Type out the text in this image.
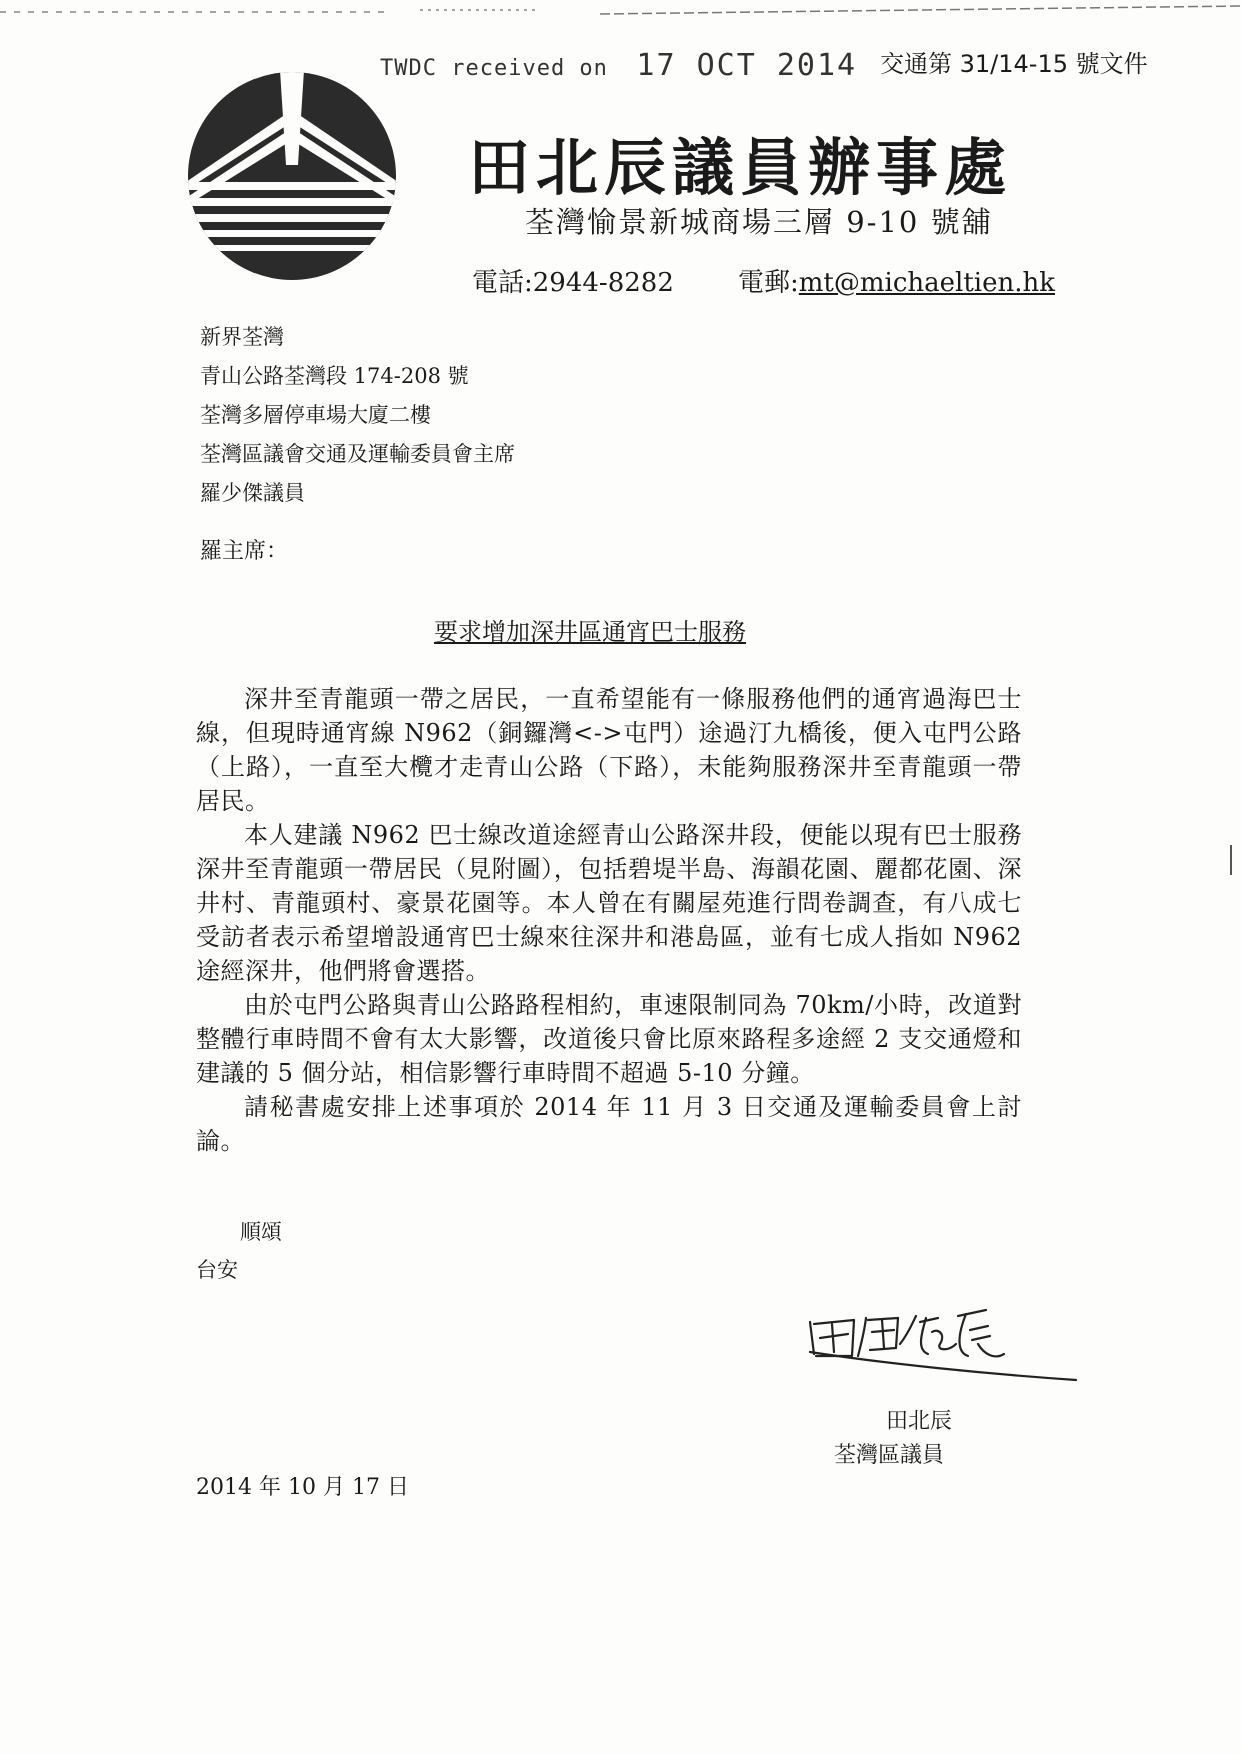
TWDC received on 17 OCT 2014 交通第 31/14-15 號文件
田北辰議員辦事處
荃灣愉景新城商場三層 9-10 號舖
電話:2944-8282 電郵:mt@michaeltien.hk
新界荃灣
青山公路荃灣段 174-208 號
荃灣多層停車場大廈二樓
荃灣區議會交通及運輸委員會主席
羅少傑議員
羅主席：
要求增加深井區通宵巴士服務

深井至青龍頭一帶之居民，一直希望能有一條服務他們的通宵過海巴士線，但現時通宵線 N962（銅鑼灣<->屯門）途過汀九橋後，便入屯門公路（上路），一直至大欖才走青山公路（下路），未能夠服務深井至青龍頭一帶居民。

本人建議 N962 巴士線改道途經青山公路深井段，便能以現有巴士服務深井至青龍頭一帶居民（見附圖），包括碧堤半島、海韻花園、麗都花園、深井村、青龍頭村、豪景花園等。本人曾在有關屋苑進行問卷調查，有八成七受訪者表示希望增設通宵巴士線來往深井和港島區，並有七成人指如 N962 途經深井，他們將會選搭。

由於屯門公路與青山公路路程相約，車速限制同為 70km/小時，改道對整體行車時間不會有太大影響，改道後只會比原來路程多途經 2 支交通燈和建議的 5 個分站，相信影響行車時間不超過 5-10 分鐘。

請秘書處安排上述事項於 2014 年 11 月 3 日交通及運輸委員會上討論。

順頌
台安
田北辰
荃灣區議員
2014 年 10 月 17 日
